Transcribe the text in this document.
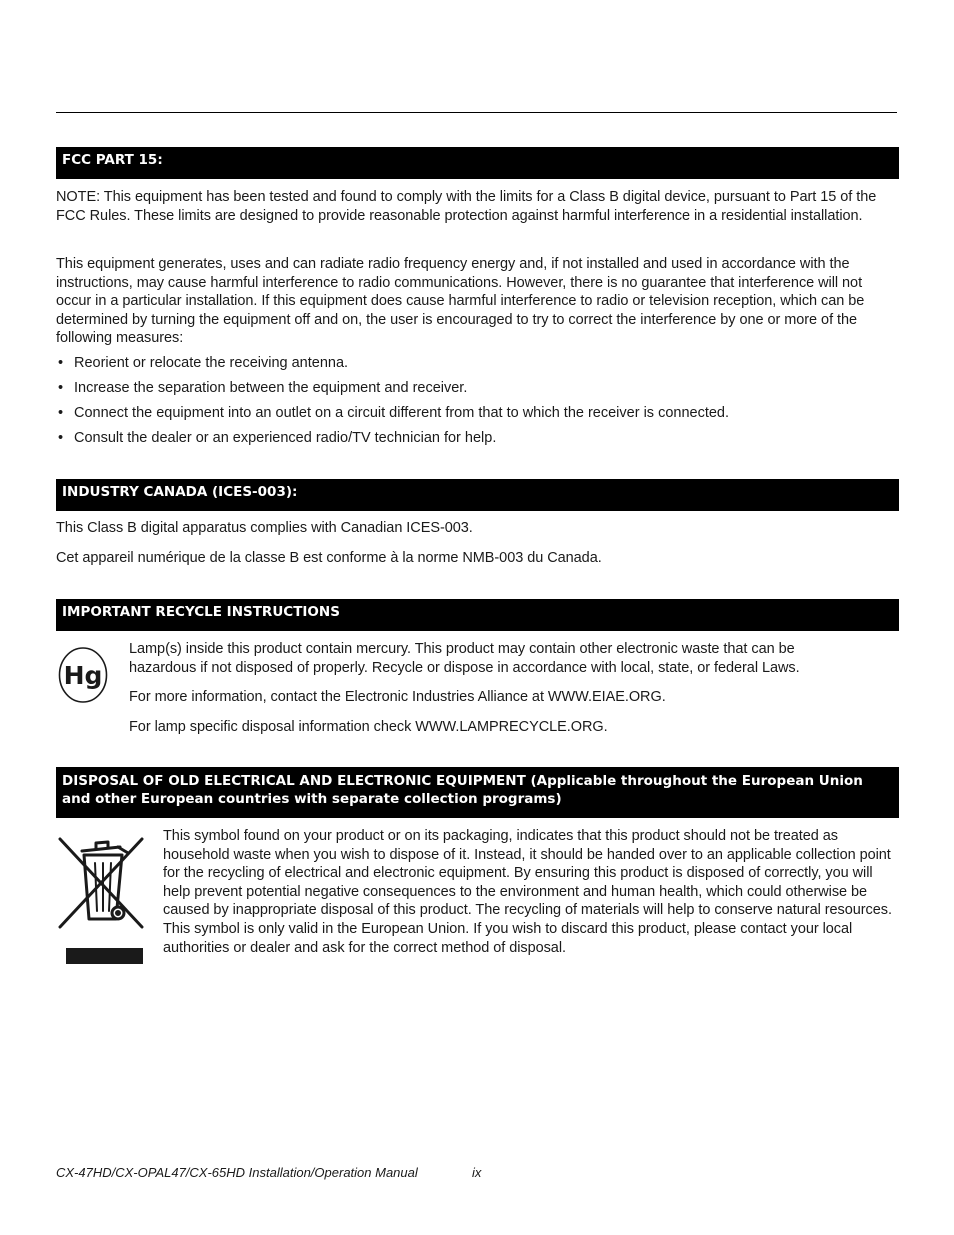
FCC PART 15:

NOTE: This equipment has been tested and found to comply with the limits for a Class B digital device, pursuant to Part 15 of the FCC Rules. These limits are designed to provide reasonable protection against harmful interference in a residential installation.

This equipment generates, uses and can radiate radio frequency energy and, if not installed and used in accordance with the instructions, may cause harmful interference to radio communications. However, there is no guarantee that interference will not occur in a particular installation. If this equipment does cause harmful interference to radio or television reception, which can be determined by turning the equipment off and on, the user is encouraged to try to correct the interference by one or more of the following measures:

• Reorient or relocate the receiving antenna.
• Increase the separation between the equipment and receiver.
• Connect the equipment into an outlet on a circuit different from that to which the receiver is connected.
• Consult the dealer or an experienced radio/TV technician for help.
INDUSTRY CANADA (ICES-003):

This Class B digital apparatus complies with Canadian ICES-003.

Cet appareil numérique de la classe B est conforme à la norme NMB-003 du Canada.

IMPORTANT RECYCLE INSTRUCTIONS
Hg

Lamp(s) inside this product contain mercury. This product may contain other electronic waste that can be hazardous if not disposed of properly. Recycle or dispose in accordance with local, state, or federal Laws.

For more information, contact the Electronic Industries Alliance at WWW.EIAE.ORG.

For lamp specific disposal information check WWW.LAMPRECYCLE.ORG.

DISPOSAL OF OLD ELECTRICAL AND ELECTRONIC EQUIPMENT (Applicable throughout the European Union and other European countries with separate collection programs)

This symbol found on your product or on its packaging, indicates that this product should not be treated as household waste when you wish to dispose of it. Instead, it should be handed over to an applicable collection point for the recycling of electrical and electronic equipment. By ensuring this product is disposed of correctly, you will help prevent potential negative consequences to the environment and human health, which could otherwise be caused by inappropriate disposal of this product. The recycling of materials will help to conserve natural resources. This symbol is only valid in the European Union. If you wish to discard this product, please contact your local authorities or dealer and ask for the correct method of disposal.

CX-47HD/CX-OPAL47/CX-65HD Installation/Operation Manual	ix
